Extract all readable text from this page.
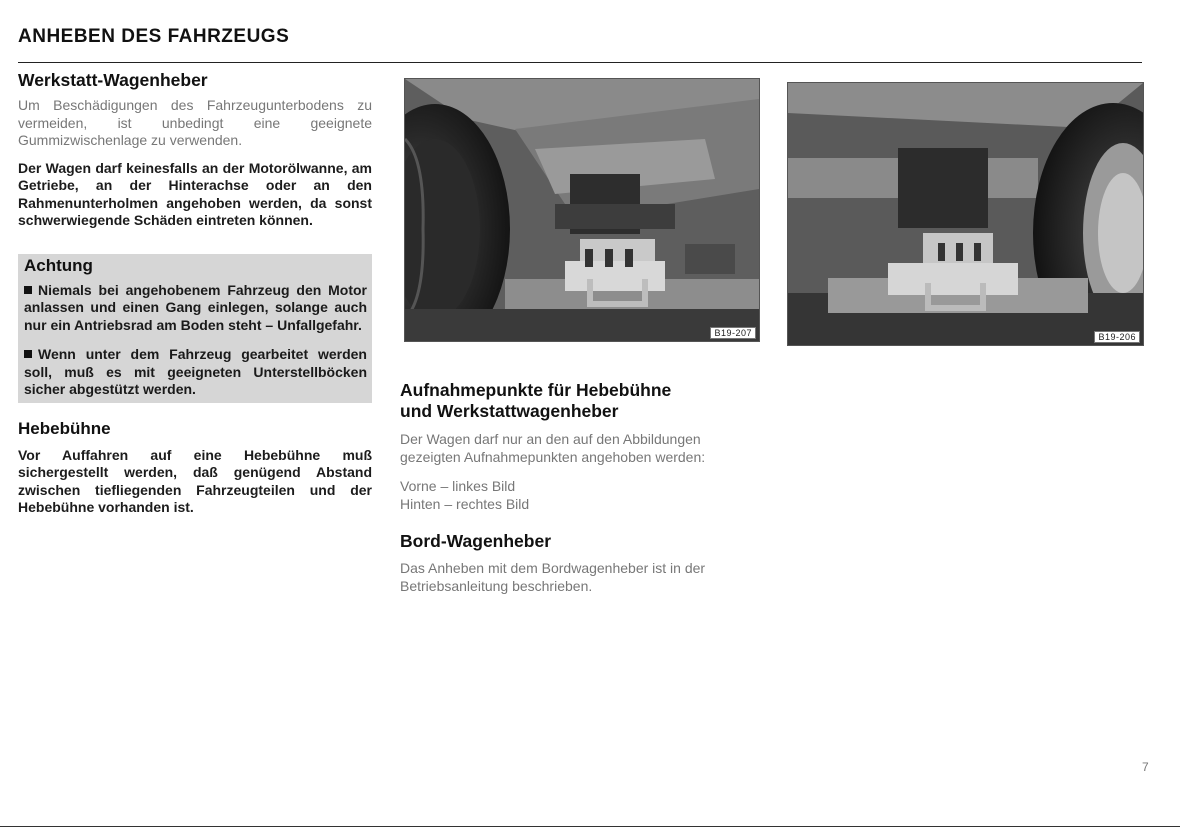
ANHEBEN DES FAHRZEUGS
Werkstatt-Wagenheber

Um Beschädigungen des Fahrzeugunterbodens zu vermeiden, ist unbedingt eine geeignete Gummizwischenlage zu verwenden.

Der Wagen darf keinesfalls an der Motorölwanne, am Getriebe, an der Hinterachse oder an den Rahmenunterholmen angehoben werden, da sonst schwerwiegende Schäden eintreten können.

Achtung

Niemals bei angehobenem Fahrzeug den Motor anlassen und einen Gang einlegen, solange auch nur ein Antriebsrad am Boden steht – Unfallgefahr.

Wenn unter dem Fahrzeug gearbeitet werden soll, muß es mit geeigneten Unterstellböcken sicher abgestützt werden.

Hebebühne

Vor Auffahren auf eine Hebebühne muß sichergestellt werden, daß genügend Abstand zwischen tiefliegenden Fahrzeugteilen und der Hebebühne vorhanden ist.

B19-207	B19-206
Aufnahmepunkte für Hebebühne
und Werkstattwagenheber

Der Wagen darf nur an den auf den Abbildungen gezeigten Aufnahmepunkten angehoben werden:

Vorne – linkes Bild

Hinten – rechtes Bild

Bord-Wagenheber

Das Anheben mit dem Bordwagenheber ist in der Betriebsanleitung beschrieben.

7
